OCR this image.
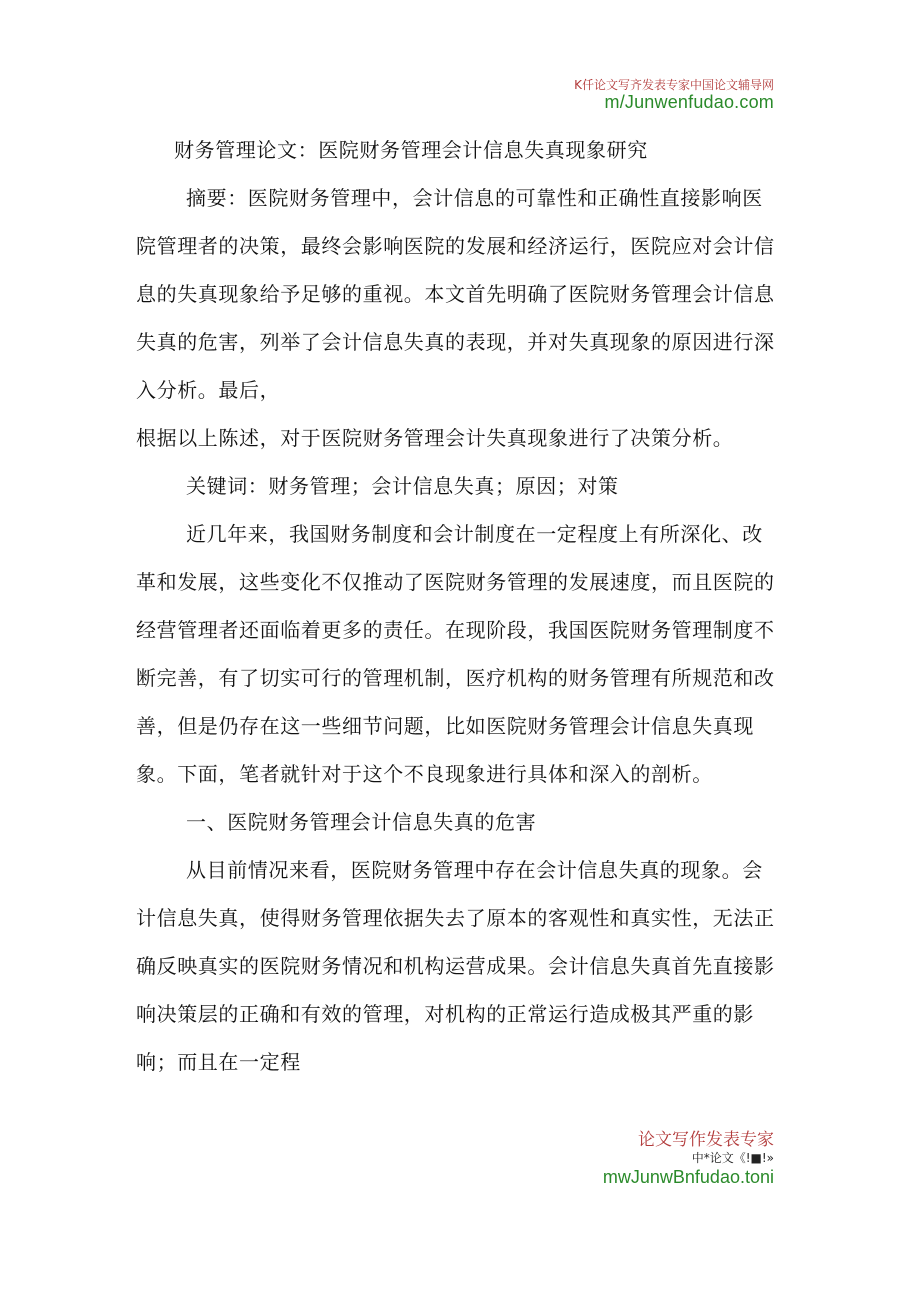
K仟论文写齐发表专家中国论文辅导网
m/Junwenfudao.com

财务管理论文：医院财务管理会计信息失真现象研究

摘要：医院财务管理中，会计信息的可靠性和正确性直接影响医院管理者的决策，最终会影响医院的发展和经济运行，医院应对会计信息的失真现象给予足够的重视。本文首先明确了医院财务管理会计信息失真的危害，列举了会计信息失真的表现，并对失真现象的原因进行深入分析。最后，

根据以上陈述，对于医院财务管理会计失真现象进行了决策分析。

关键词：财务管理；会计信息失真；原因；对策

近几年来，我国财务制度和会计制度在一定程度上有所深化、改革和发展，这些变化不仅推动了医院财务管理的发展速度，而且医院的经营管理者还面临着更多的责任。在现阶段，我国医院财务管理制度不断完善，有了切实可行的管理机制，医疗机构的财务管理有所规范和改善，但是仍存在这一些细节问题，比如医院财务管理会计信息失真现象。下面，笔者就针对于这个不良现象进行具体和深入的剖析。

一、医院财务管理会计信息失真的危害

从目前情况来看，医院财务管理中存在会计信息失真的现象。会计信息失真，使得财务管理依据失去了原本的客观性和真实性，无法正确反映真实的医院财务情况和机构运营成果。会计信息失真首先直接影响决策层的正确和有效的管理，对机构的正常运行造成极其严重的影响；而且在一定程

论文写作发表专家
中*论文《!■!»
mwJunwBnfudao.toni
